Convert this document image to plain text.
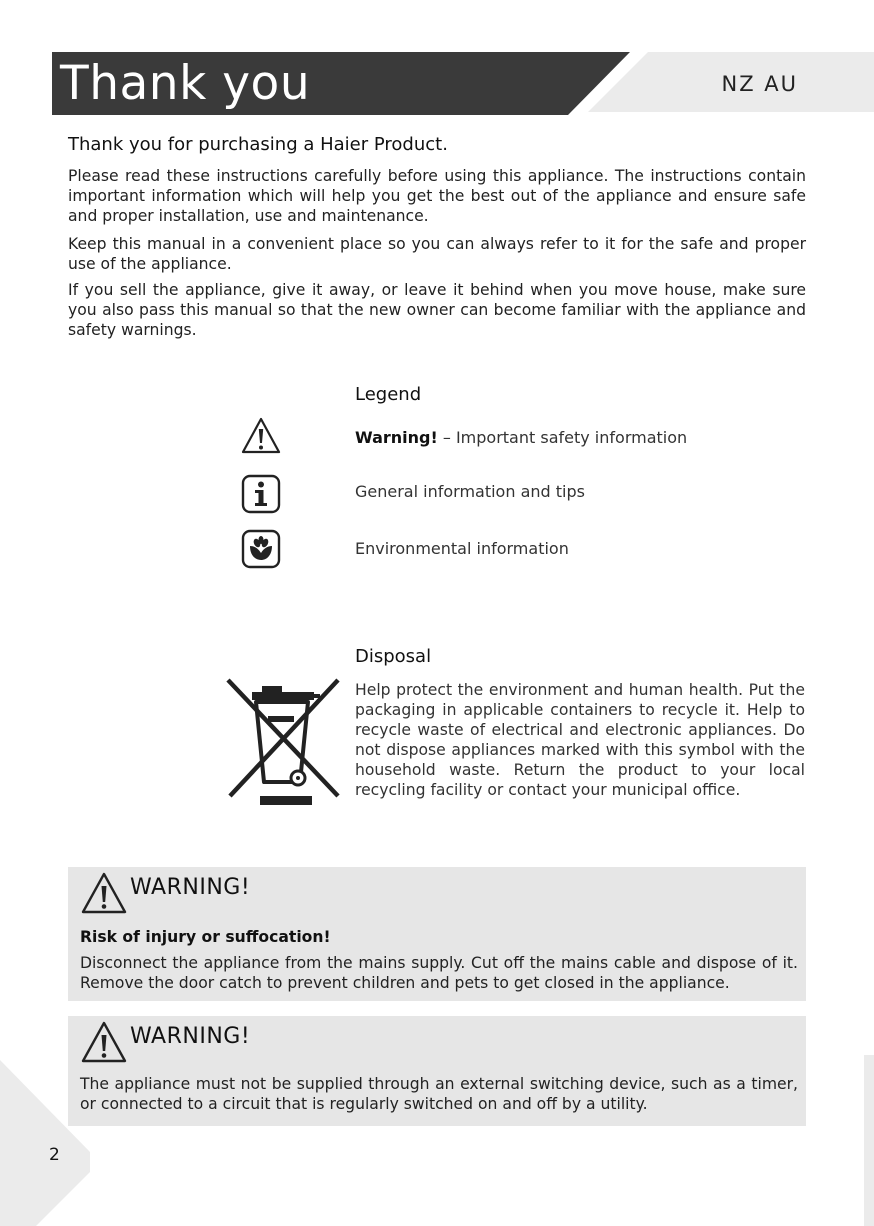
Thank you	NZ AU
Thank you for purchasing a Haier Product.

Please read these instructions carefully before using this appliance. The instructions contain important information which will help you get the best out of the appliance and ensure safe and proper installation, use and maintenance.

Keep this manual in a convenient place so you can always refer to it for the safe and proper use of the appliance.

If you sell the appliance, give it away, or leave it behind when you move house, make sure you also pass this manual so that the new owner can become familiar with the appliance and safety warnings.

Legend
Warning! – Important safety information
General information and tips
Environmental information
Disposal

Help protect the environment and human health. Put the packaging in applicable containers to recycle it. Help to recycle waste of electrical and electronic appliances. Do not dispose appliances marked with this symbol with the household waste. Return the product to your local recycling facility or contact your municipal office.

WARNING!
Risk of injury or suffocation!

Disconnect the appliance from the mains supply. Cut off the mains cable and dispose of it. Remove the door catch to prevent children and pets to get closed in the appliance.

WARNING!

The appliance must not be supplied through an external switching device, such as a timer, or connected to a circuit that is regularly switched on and off by a utility.

2
